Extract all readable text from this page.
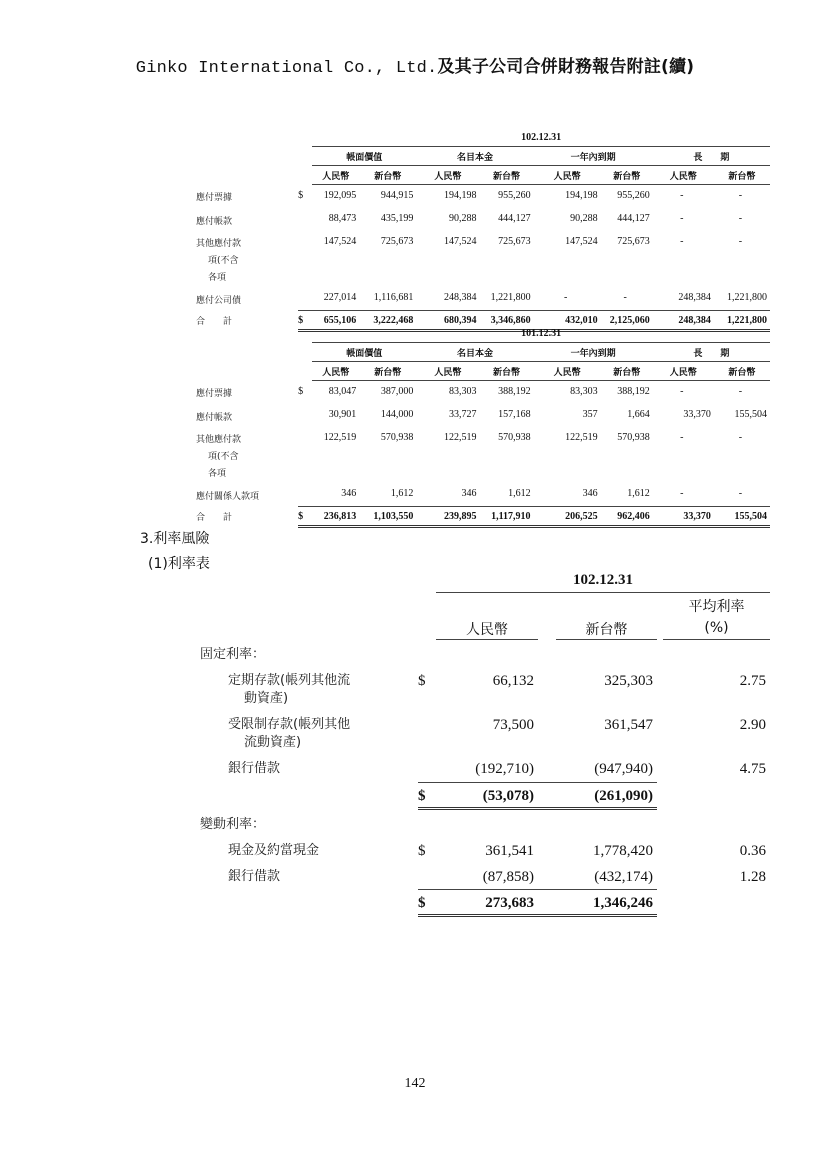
Ginko International Co., Ltd.及其子公司合併財務報告附註(續)
		102.12.31							
		帳面價值		名目本金		一年內到期		長　　期	
		人民幣	新台幣	人民幣	新台幣	人民幣	新台幣	人民幣	新台幣

應付票據	$	192,095	944,915	194,198	955,260	194,198	955,260	-	-

應付帳款		88,473	435,199	90,288	444,127	90,288	444,127	-	-

其他應付款
項(不含
各項		147,524	725,673	147,524	725,673	147,524	725,673	-	-

應付公司債		227,014	1,116,681	248,384	1,221,800	-	-	248,384	1,221,800
合　　計	$	655,106	3,222,468	680,394	3,346,860	432,010	2,125,060	248,384	1,221,800
		101.12.31							
		帳面價值		名目本金		一年內到期		長　　期	
		人民幣	新台幣	人民幣	新台幣	人民幣	新台幣	人民幣	新台幣

應付票據	$	83,047	387,000	83,303	388,192	83,303	388,192	-	-

應付帳款		30,901	144,000	33,727	157,168	357	1,664	33,370	155,504

其他應付款
項(不含
各項		122,519	570,938	122,519	570,938	122,519	570,938	-	-

應付關係人款項		346	1,612	346	1,612	346	1,612	-	-
合　　計	$	236,813	1,103,550	239,895	1,117,910	206,525	962,406	33,370	155,504
3.利率風險
(1)利率表
		102.12.31				
		人民幣		新台幣		平均利率
(%)

固定利率：						

定期存款(帳列其他流
動資產)	$	66,132		325,303		2.75

受限制存款(帳列其他
流動資產)		73,500		361,547		2.90

銀行借款		(192,710)		(947,940)		4.75
	$	(53,078)		(261,090)		
變動利率：						

現金及約當現金	$	361,541		1,778,420		0.36

銀行借款		(87,858)		(432,174)		1.28
	$	273,683		1,346,246		
142
